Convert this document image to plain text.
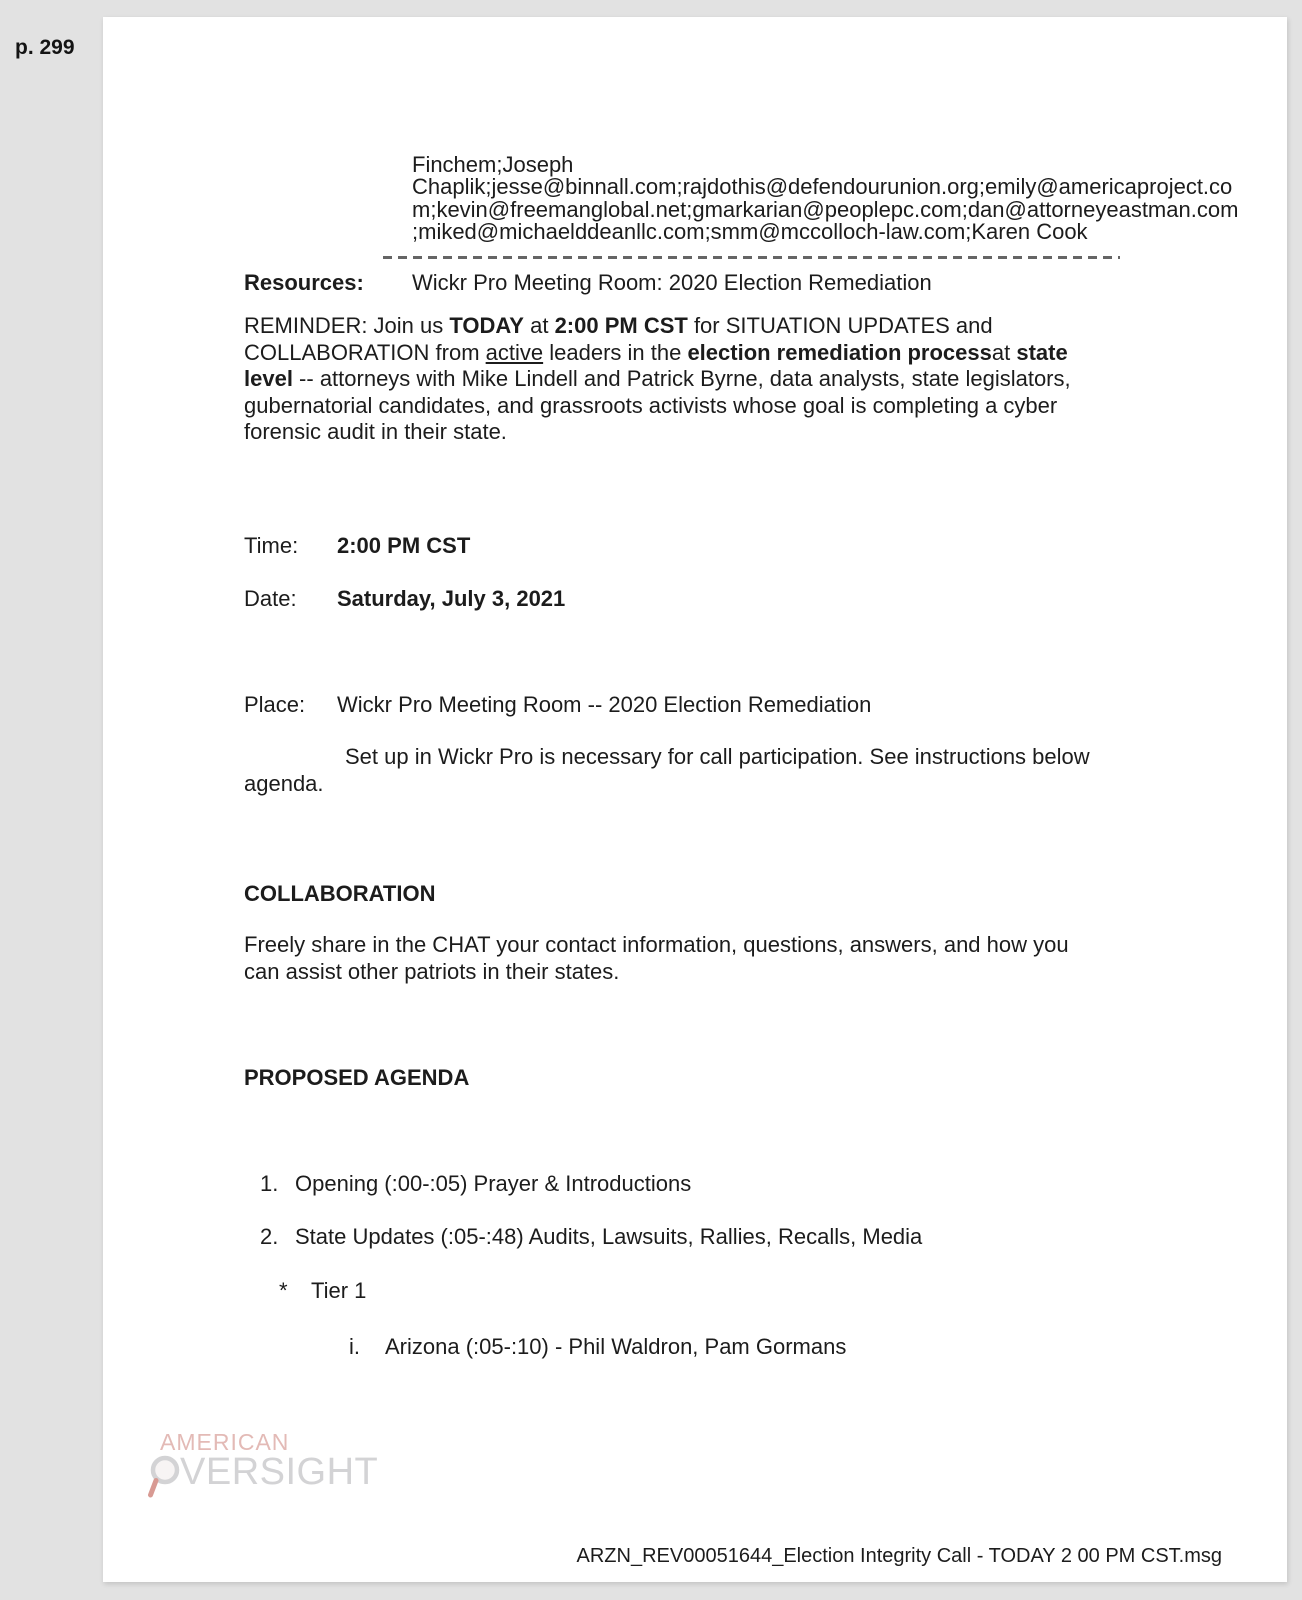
p. 299
Finchem;Joseph
Chaplik;jesse@binnall.com;rajdothis@defendourunion.org;emily@americaproject.co
m;kevin@freemanglobal.net;gmarkarian@peoplepc.com;dan@attorneyeastman.com
;miked@michaelddeanllc.com;smm@mccolloch-law.com;Karen Cook
Resources: Wickr Pro Meeting Room: 2020 Election Remediation
REMINDER: Join us TODAY at 2:00 PM CST for SITUATION UPDATES and
COLLABORATION from active leaders in the election remediation processat state
level -- attorneys with Mike Lindell and Patrick Byrne, data analysts, state legislators,
gubernatorial candidates, and grassroots activists whose goal is completing a cyber
forensic audit in their state.
Time: 2:00 PM CST
Date: Saturday, July 3, 2021
Place: Wickr Pro Meeting Room -- 2020 Election Remediation
Set up in Wickr Pro is necessary for call participation. See instructions below
agenda.
COLLABORATION
Freely share in the CHAT your contact information, questions, answers, and how you
can assist other patriots in their states.
PROPOSED AGENDA
1. Opening (:00-:05) Prayer & Introductions
2. State Updates (:05-:48) Audits, Lawsuits, Rallies, Recalls, Media
* Tier 1
i. Arizona (:05-:10) - Phil Waldron, Pam Gormans
AMERICAN
VERSIGHT
ARZN_REV00051644_Election Integrity Call - TODAY 2 00 PM CST.msg
